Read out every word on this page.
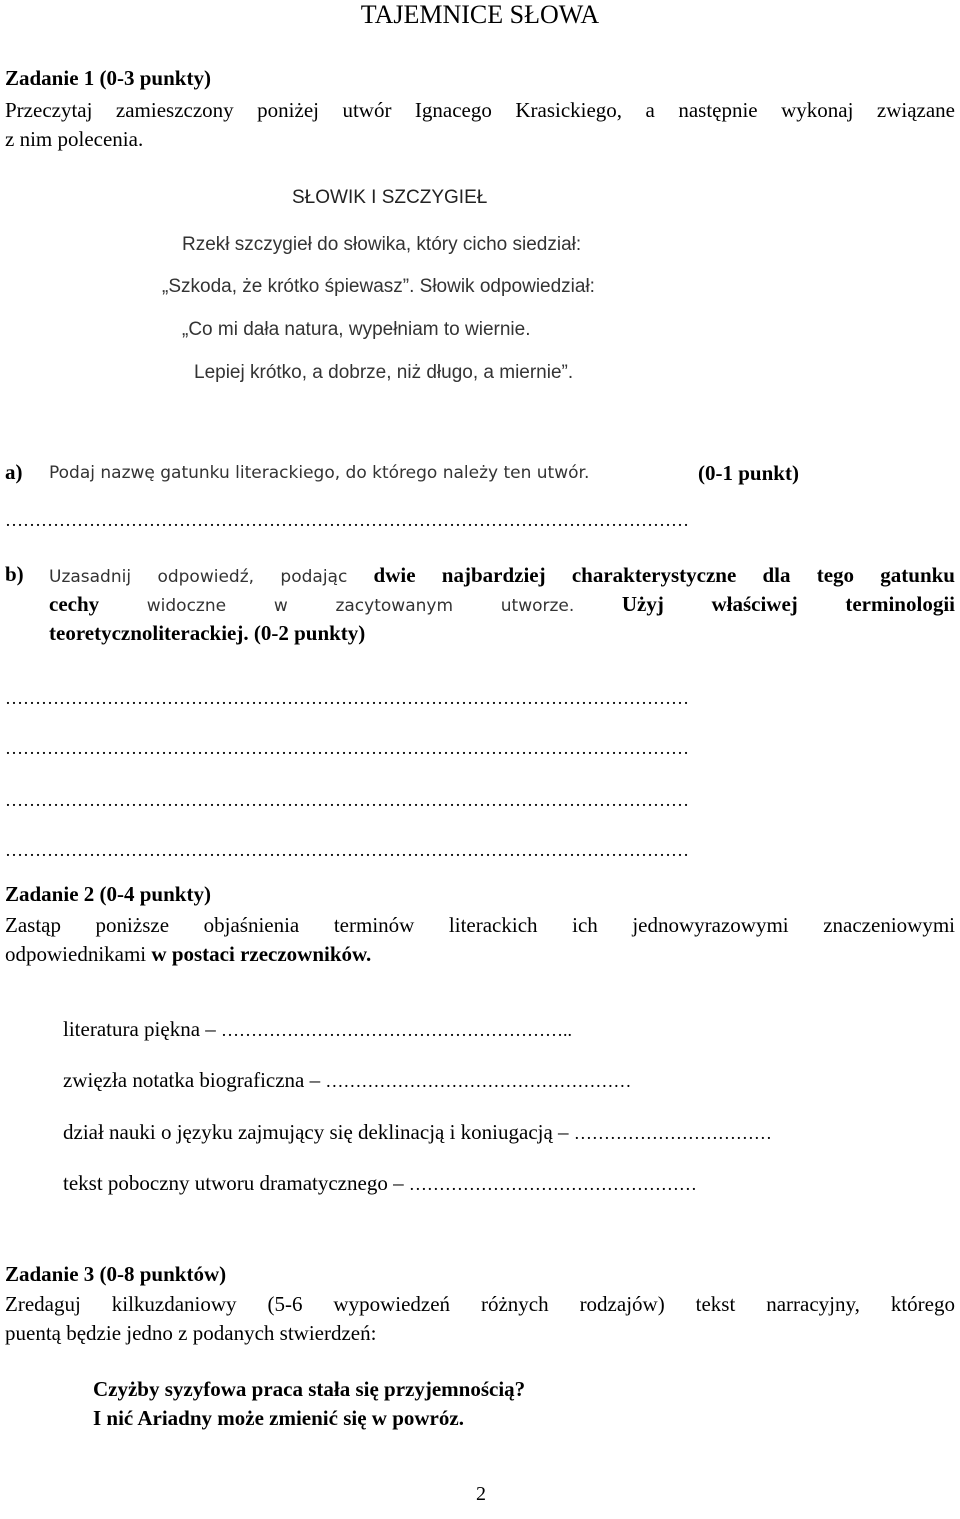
TAJEMNICE SŁOWA
Zadanie 1 (0-3 punkty)
Przeczytaj zamieszczony poniżej utwór Ignacego Krasickiego, a następnie wykonaj związane
z nim polecenia.
SŁOWIK I SZCZYGIEŁ
Rzekł szczygieł do słowika, który cicho siedział:
„Szkoda, że krótko śpiewasz”. Słowik odpowiedział:
„Co mi dała natura, wypełniam to wiernie.
Lepiej krótko, a dobrze, niż długo, a miernie”.
a) Podaj nazwę gatunku literackiego, do którego należy ten utwór.	(0-1 punkt)
……………………………………………………………………………………………………
b) Uzasadnij odpowiedź, podając dwie najbardziej charakterystyczne dla tego gatunku
cechy	widoczne w zacytowanym utworze. Użyj właściwej terminologii
teoretycznoliterackiej. (0-2 punkty)
……………………………………………………………………………………………………
……………………………………………………………………………………………………
……………………………………………………………………………………………………
……………………………………………………………………………………………………
Zadanie 2 (0-4 punkty)
Zastąp poniższe objaśnienia terminów literackich ich jednowyrazowymi znaczeniowymi
odpowiednikami w postaci rzeczowników.
literatura piękna – …………………………………………………..
zwięzła notatka biograficzna – ……………………………………………
dział nauki o języku zajmujący się deklinacją i koniugacją – ……………………………
tekst poboczny utworu dramatycznego – …………………………………………
Zadanie 3 (0-8 punktów)
Zredaguj kilkuzdaniowy (5-6 wypowiedzeń różnych rodzajów) tekst narracyjny, którego
puentą będzie jedno z podanych stwierdzeń:
Czyżby syzyfowa praca stała się przyjemnością?
I nić Ariadny może zmienić się w powróz.
2
